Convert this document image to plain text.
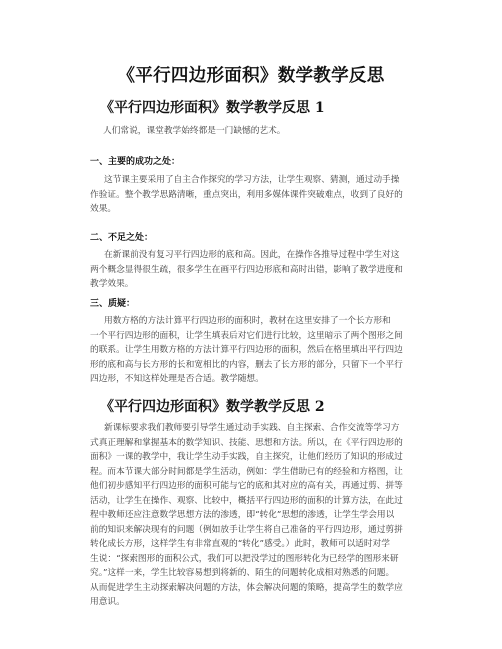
《平行四边形面积》数学教学反思
《平行四边形面积》数学教学反思 1
人们常说，课堂教学始终都是一门缺憾的艺术。
一、主要的成功之处：
这节课主要采用了自主合作探究的学习方法，让学生观察、猜测，通过动手操
作验证。整个教学思路清晰，重点突出，利用多媒体课件突破难点，收到了良好的
效果。
二、不足之处：
在新课前没有复习平行四边形的底和高。因此，在操作各推导过程中学生对这
两个概念显得很生疏，很多学生在画平行四边形底和高时出错，影响了教学进度和
教学效果。
三、质疑：
用数方格的方法计算平行四边形的面积时，教材在这里安排了一个长方形和
一个平行四边形的面积，让学生填表后对它们进行比较，这里暗示了两个图形之间
的联系。让学生用数方格的方法计算平行四边形的面积，然后在格里填出平行四边
形的底和高与长方形的长和宽相比的内容，删去了长方形的部分，只留下一个平行
四边形，不知这样处理是否合适。教学随想。
《平行四边形面积》数学教学反思 2
新课标要求我们教师要引导学生通过动手实践、自主探索、合作交流等学习方
式真正理解和掌握基本的数学知识、技能、思想和方法。所以，在《平行四边形的
面积》一课的教学中，我让学生动手实践，自主探究，让他们经历了知识的形成过
程。而本节课大部分时间都是学生活动，例如：学生借助已有的经验和方格图，让
他们初步感知平行四边形的面积可能与它的底和其对应的高有关，再通过剪、拼等
活动，让学生在操作、观察、比较中，概括平行四边形的面积的计算方法，在此过
程中教师还应注意数学思想方法的渗透，即“转化”思想的渗透，让学生学会用以
前的知识来解决现有的问题（例如放手让学生将自己准备的平行四边形，通过剪拼
转化成长方形，这样学生有非常直观的“转化”感受。）此时，教师可以适时对学
生说：“探索图形的面积公式，我们可以把没学过的图形转化为已经学的图形来研
究。”这样一来，学生比较容易想到将新的、陌生的问题转化成相对熟悉的问题。
从而促进学生主动探索解决问题的方法，体会解决问题的策略，提高学生的数学应
用意识。
